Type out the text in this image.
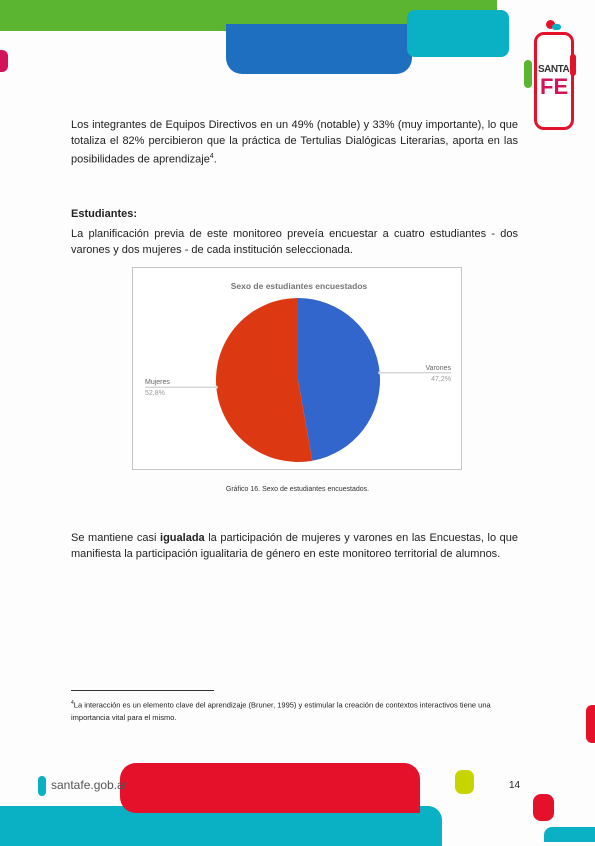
SANTA
FE
Los integrantes de Equipos Directivos en un 49% (notable) y 33% (muy importante), lo que totaliza el 82% percibieron que la práctica de Tertulias Dialógicas Literarias, aporta en las posibilidades de aprendizaje$^4$.
Estudiantes:
La planificación previa de este monitoreo preveía encuestar a cuatro estudiantes - dos varones y dos mujeres - de cada institución seleccionada.
Sexo de estudiantes encuestados
Varones
47,2%
Mujeres
52,8%
Gráfico 16. Sexo de estudiantes encuestados.
Se mantiene casi igualada la participación de mujeres y varones en las Encuestas, lo que manifiesta la participación igualitaria de género en este monitoreo territorial de alumnos.
$^4$La interacción es un elemento clave del aprendizaje (Bruner, 1995) y estimular la creación de contextos interactivos tiene una importancia vital para el mismo.
santafe.gob.ar	14
